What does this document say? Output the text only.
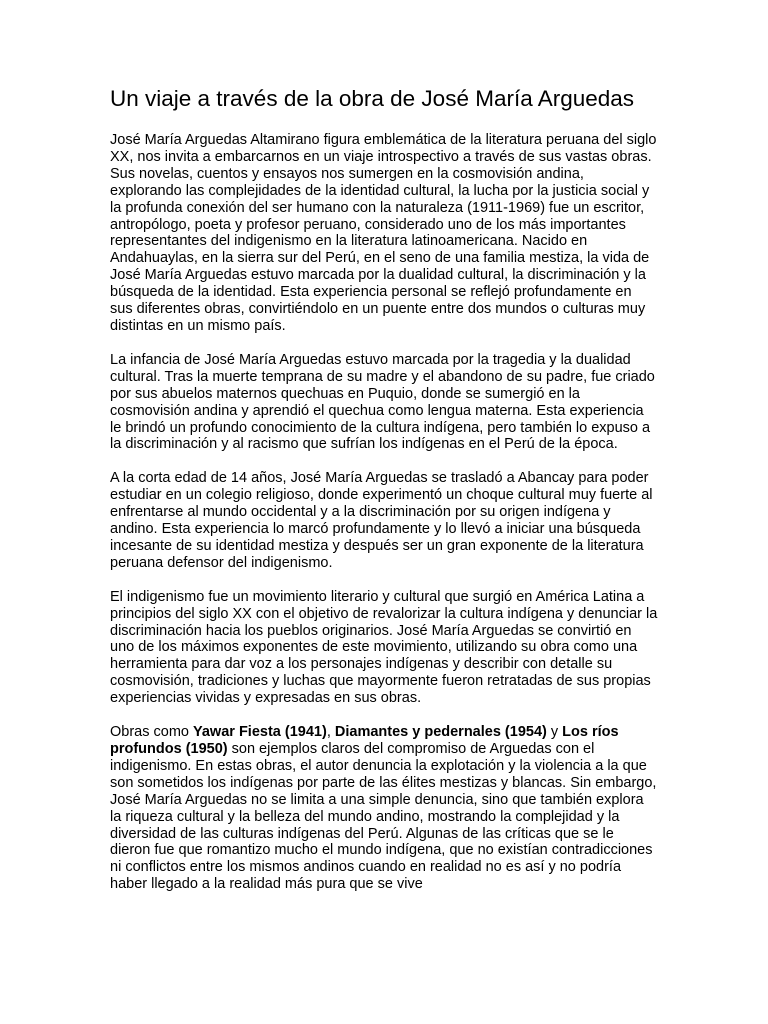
Un viaje a través de la obra de José María Arguedas

José María Arguedas Altamirano figura emblemática de la literatura peruana del siglo XX, nos invita a embarcarnos en un viaje introspectivo a través de sus vastas obras. Sus novelas, cuentos y ensayos nos sumergen en la cosmovisión andina, explorando las complejidades de la identidad cultural, la lucha por la justicia social y la profunda conexión del ser humano con la naturaleza (1911-1969) fue un escritor, antropólogo, poeta y profesor peruano, considerado uno de los más importantes representantes del indigenismo en la literatura latinoamericana. Nacido en Andahuaylas, en la sierra sur del Perú, en el seno de una familia mestiza, la vida de José María Arguedas estuvo marcada por la dualidad cultural, la discriminación y la búsqueda de la identidad. Esta experiencia personal se reflejó profundamente en sus diferentes obras, convirtiéndolo en un puente entre dos mundos o culturas muy distintas en un mismo país.

La infancia de José María Arguedas estuvo marcada por la tragedia y la dualidad cultural. Tras la muerte temprana de su madre y el abandono de su padre, fue criado por sus abuelos maternos quechuas en Puquio, donde se sumergió en la cosmovisión andina y aprendió el quechua como lengua materna. Esta experiencia le brindó un profundo conocimiento de la cultura indígena, pero también lo expuso a la discriminación y al racismo que sufrían los indígenas en el Perú de la época.

A la corta edad de 14 años, José María Arguedas se trasladó a Abancay para poder estudiar en un colegio religioso, donde experimentó un choque cultural muy fuerte al enfrentarse al mundo occidental y a la discriminación por su origen indígena y andino. Esta experiencia lo marcó profundamente y lo llevó a iniciar una búsqueda incesante de su identidad mestiza y después ser un gran exponente de la literatura peruana defensor del indigenismo.

El indigenismo fue un movimiento literario y cultural que surgió en América Latina a principios del siglo XX con el objetivo de revalorizar la cultura indígena y denunciar la discriminación hacia los pueblos originarios. José María Arguedas se convirtió en uno de los máximos exponentes de este movimiento, utilizando su obra como una herramienta para dar voz a los personajes indígenas y describir con detalle su cosmovisión, tradiciones y luchas que mayormente fueron retratadas de sus propias experiencias vividas y expresadas en sus obras.

Obras como Yawar Fiesta (1941), Diamantes y pedernales (1954) y Los ríos profundos (1950) son ejemplos claros del compromiso de Arguedas con el indigenismo. En estas obras, el autor denuncia la explotación y la violencia a la que son sometidos los indígenas por parte de las élites mestizas y blancas. Sin embargo, José María Arguedas no se limita a una simple denuncia, sino que también explora la riqueza cultural y la belleza del mundo andino, mostrando la complejidad y la diversidad de las culturas indígenas del Perú. Algunas de las críticas que se le dieron fue que romantizo mucho el mundo indígena, que no existían contradicciones ni conflictos entre los mismos andinos cuando en realidad no es así y no podría haber llegado a la realidad más pura que se vive
